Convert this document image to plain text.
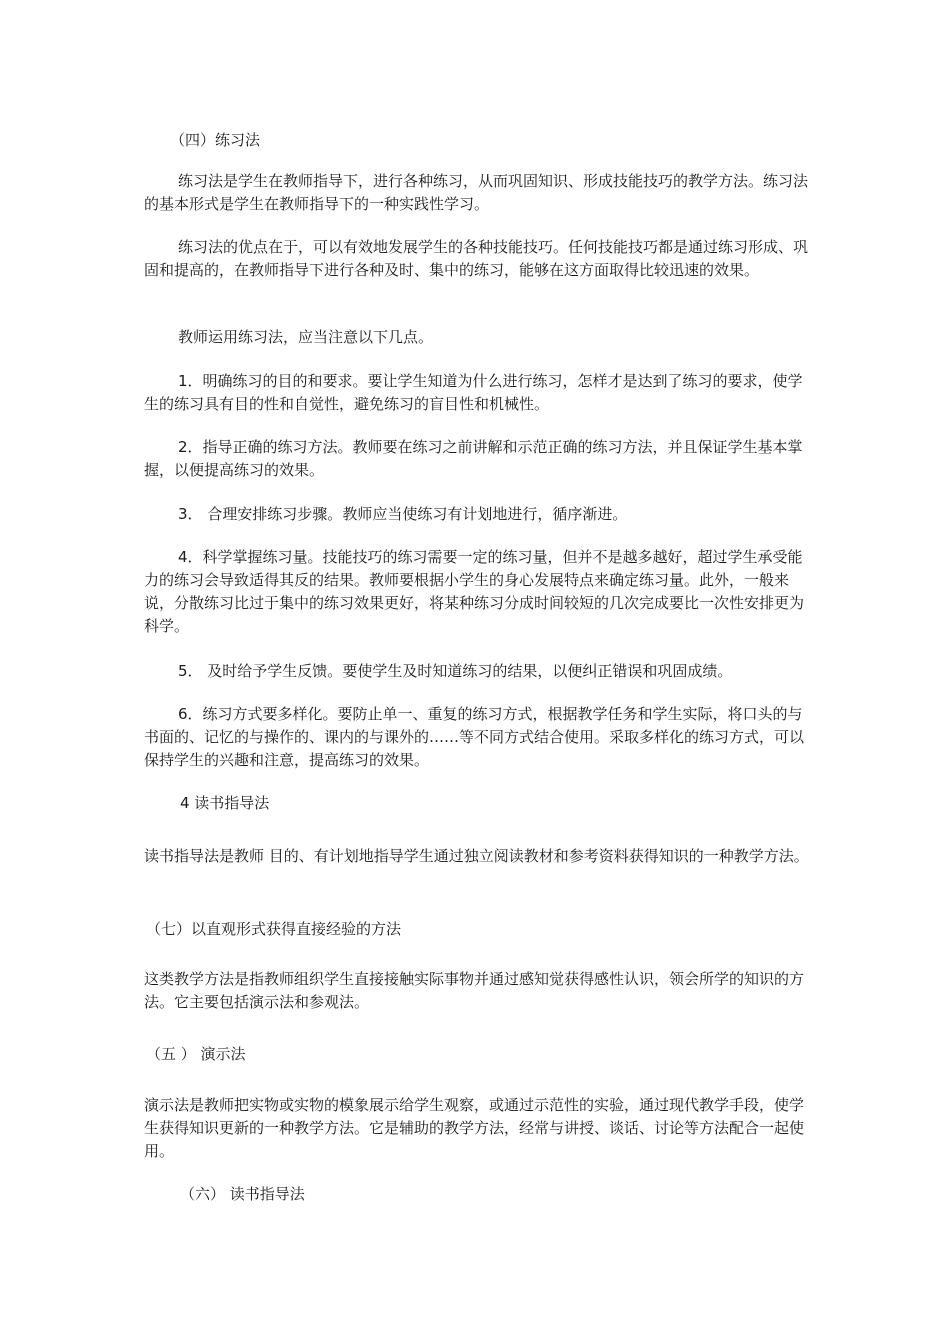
（四）练习法

练习法是学生在教师指导下，进行各种练习，从而巩固知识、形成技能技巧的教学方法。练习法的基本形式是学生在教师指导下的一种实践性学习。

练习法的优点在于，可以有效地发展学生的各种技能技巧。任何技能技巧都是通过练习形成、巩固和提高的，在教师指导下进行各种及时、集中的练习，能够在这方面取得比较迅速的效果。

教师运用练习法，应当注意以下几点。

1．明确练习的目的和要求。要让学生知道为什么进行练习，怎样才是达到了练习的要求，使学生的练习具有目的性和自觉性，避免练习的盲目性和机械性。

2．指导正确的练习方法。教师要在练习之前讲解和示范正确的练习方法，并且保证学生基本掌握，以便提高练习的效果。

3． 合理安排练习步骤。教师应当使练习有计划地进行，循序渐进。

4．科学掌握练习量。技能技巧的练习需要一定的练习量，但并不是越多越好，超过学生承受能力的练习会导致适得其反的结果。教师要根据小学生的身心发展特点来确定练习量。此外，一般来说，分散练习比过于集中的练习效果更好，将某种练习分成时间较短的几次完成要比一次性安排更为科学。

5． 及时给予学生反馈。要使学生及时知道练习的结果，以便纠正错误和巩固成绩。

6．练习方式要多样化。要防止单一、重复的练习方式，根据教学任务和学生实际，将口头的与书面的、记忆的与操作的、课内的与课外的……等不同方式结合使用。采取多样化的练习方式，可以保持学生的兴趣和注意，提高练习的效果。

4 读书指导法

读书指导法是教师 目的、有计划地指导学生通过独立阅读教材和参考资料获得知识的一种教学方法。

（七）以直观形式获得直接经验的方法

这类教学方法是指教师组织学生直接接触实际事物并通过感知觉获得感性认识，领会所学的知识的方法。它主要包括演示法和参观法。

（五 ） 演示法

演示法是教师把实物或实物的模象展示给学生观察，或通过示范性的实验，通过现代教学手段，使学生获得知识更新的一种教学方法。它是辅助的教学方法，经常与讲授、谈话、讨论等方法配合一起使用。

（六） 读书指导法
